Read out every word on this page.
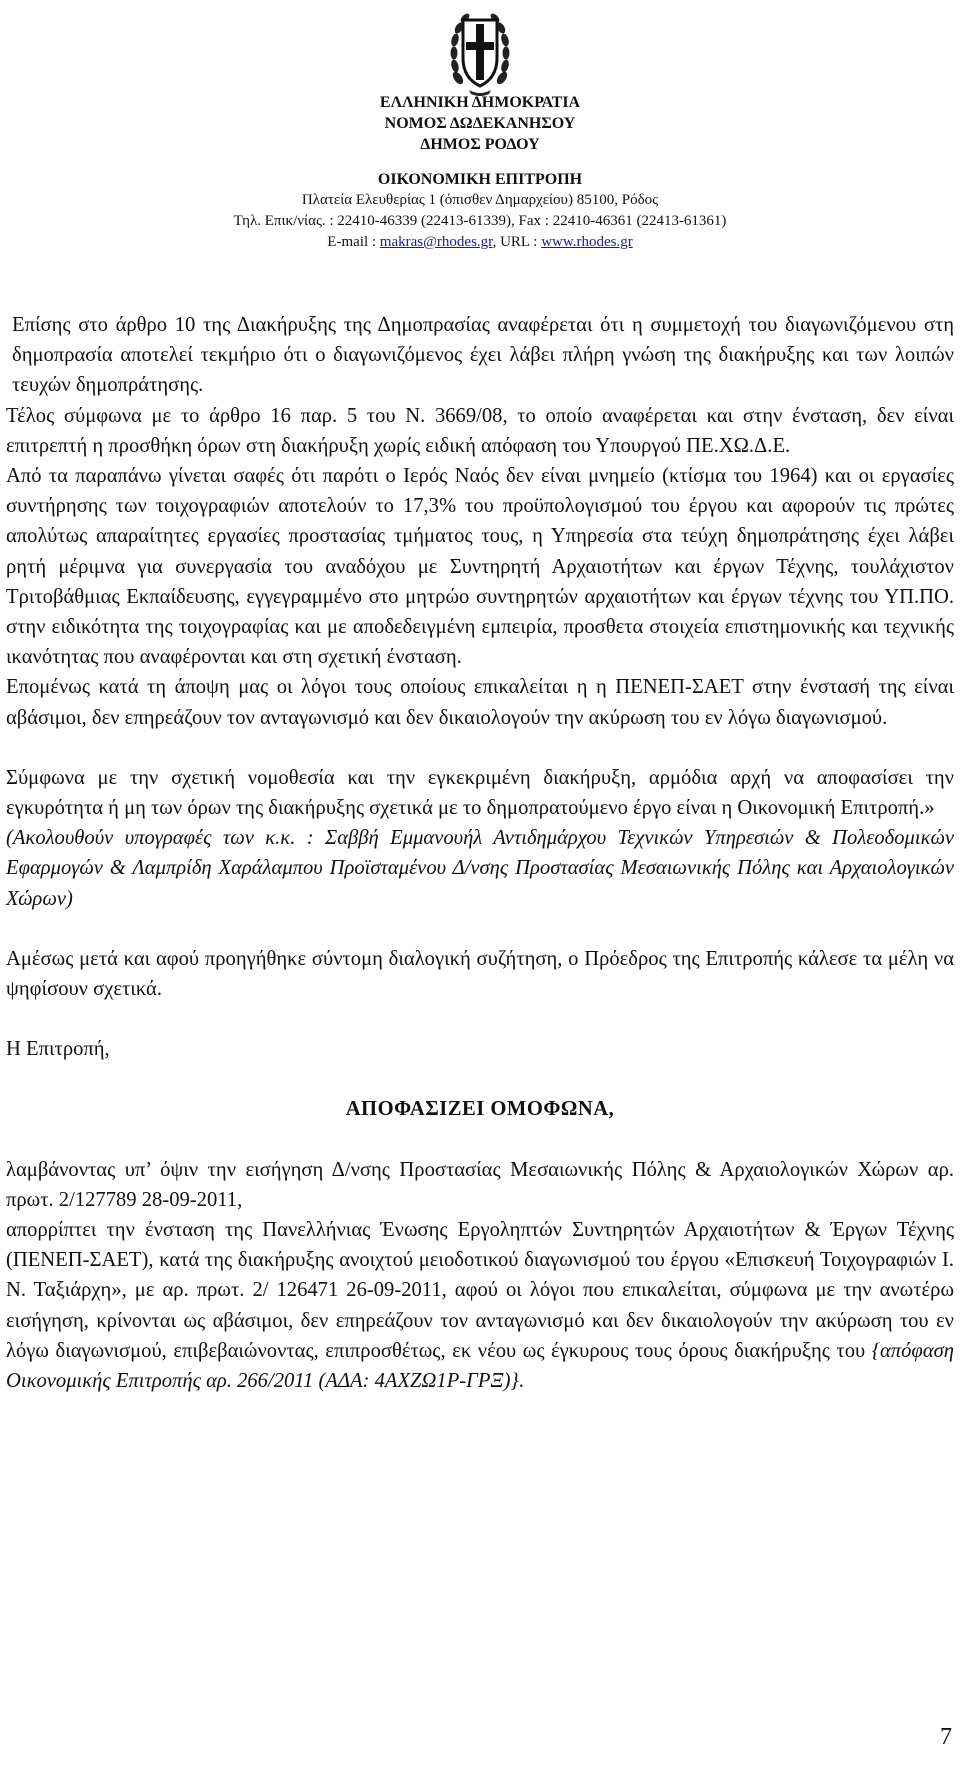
ΕΛΛΗΝΙΚΗ ΔΗΜΟΚΡΑΤΙΑ
ΝΟΜΟΣ ΔΩΔΕΚΑΝΗΣΟΥ
ΔΗΜΟΣ ΡΟΔΟΥ
ΟΙΚΟΝΟΜΙΚΗ ΕΠΙΤΡΟΠΗ
Πλατεία Ελευθερίας 1 (όπισθεν Δημαρχείου) 85100, Ρόδος
Τηλ. Επικ/νίας. : 22410-46339 (22413-61339), Fax : 22410-46361 (22413-61361)
E-mail : makras@rhodes.gr, URL : www.rhodes.gr

Επίσης στο άρθρο 10 της Διακήρυξης της Δημοπρασίας αναφέρεται ότι η συμμετοχή του διαγωνιζόμενου στη δημοπρασία αποτελεί τεκμήριο ότι ο διαγωνιζόμενος έχει λάβει πλήρη γνώση της διακήρυξης και των λοιπών τευχών δημοπράτησης.

Τέλος σύμφωνα με το άρθρο 16 παρ. 5 του Ν. 3669/08, το οποίο αναφέρεται και στην ένσταση, δεν είναι επιτρεπτή η προσθήκη όρων στη διακήρυξη χωρίς ειδική απόφαση του Υπουργού ΠΕ.ΧΩ.Δ.Ε.

Από τα παραπάνω γίνεται σαφές ότι παρότι ο Ιερός Ναός δεν είναι μνημείο (κτίσμα του 1964) και οι εργασίες συντήρησης των τοιχογραφιών αποτελούν το 17,3% του προϋπολογισμού του έργου και αφορούν τις πρώτες απολύτως απαραίτητες εργασίες προστασίας τμήματος τους, η Υπηρεσία στα τεύχη δημοπράτησης έχει λάβει ρητή μέριμνα για συνεργασία του αναδόχου με Συντηρητή Αρχαιοτήτων και έργων Τέχνης, τουλάχιστον Τριτοβάθμιας Εκπαίδευσης, εγγεγραμμένο στο μητρώο συντηρητών αρχαιοτήτων και έργων τέχνης του ΥΠ.ΠΟ. στην ειδικότητα της τοιχογραφίας και με αποδεδειγμένη εμπειρία, προσθετα στοιχεία επιστημονικής και τεχνικής ικανότητας που αναφέρονται και στη σχετική ένσταση.

Επομένως κατά τη άποψη μας οι λόγοι τους οποίους επικαλείται η η ΠΕΝΕΠ-ΣΑΕΤ στην ένστασή της είναι αβάσιμοι, δεν επηρεάζουν τον ανταγωνισμό και δεν δικαιολογούν την ακύρωση του εν λόγω διαγωνισμού.

Σύμφωνα με την σχετική νομοθεσία και την εγκεκριμένη διακήρυξη, αρμόδια αρχή να αποφασίσει την εγκυρότητα ή μη των όρων της διακήρυξης σχετικά με το δημοπρατούμενο έργο είναι η Οικονομική Επιτροπή.»

(Ακολουθούν υπογραφές των κ.κ. : Σαββή Εμμανουήλ Αντιδημάρχου Τεχνικών Υπηρεσιών & Πολεοδομικών Εφαρμογών & Λαμπρίδη Χαράλαμπου Προϊσταμένου Δ/νσης Προστασίας Μεσαιωνικής Πόλης και Αρχαιολογικών Χώρων)

Αμέσως μετά και αφού προηγήθηκε σύντομη διαλογική συζήτηση, ο Πρόεδρος της Επιτροπής κάλεσε τα μέλη να ψηφίσουν σχετικά.

Η Επιτροπή,

ΑΠΟΦΑΣΙΖΕΙ ΟΜΟΦΩΝΑ,

λαμβάνοντας υπ’ όψιν την εισήγηση Δ/νσης Προστασίας Μεσαιωνικής Πόλης & Αρχαιολογικών Χώρων αρ. πρωτ. 2/127789 28-09-2011,

απορρίπτει την ένσταση της Πανελλήνιας Ένωσης Εργοληπτών Συντηρητών Αρχαιοτήτων & Έργων Τέχνης (ΠΕΝΕΠ-ΣΑΕΤ), κατά της διακήρυξης ανοιχτού μειοδοτικού διαγωνισμού του έργου «Επισκευή Τοιχογραφιών Ι. Ν. Ταξιάρχη», με αρ. πρωτ. 2/ 126471 26-09-2011, αφού οι λόγοι που επικαλείται, σύμφωνα με την ανωτέρω εισήγηση, κρίνονται ως αβάσιμοι, δεν επηρεάζουν τον ανταγωνισμό και δεν δικαιολογούν την ακύρωση του εν λόγω διαγωνισμού, επιβεβαιώνοντας, επιπροσθέτως, εκ νέου ως έγκυρους τους όρους διακήρυξης του {απόφαση Οικονομικής Επιτροπής αρ. 266/2011 (ΑΔΑ: 4ΑΧΖΩ1Ρ-ΓΡΞ)}.

7
